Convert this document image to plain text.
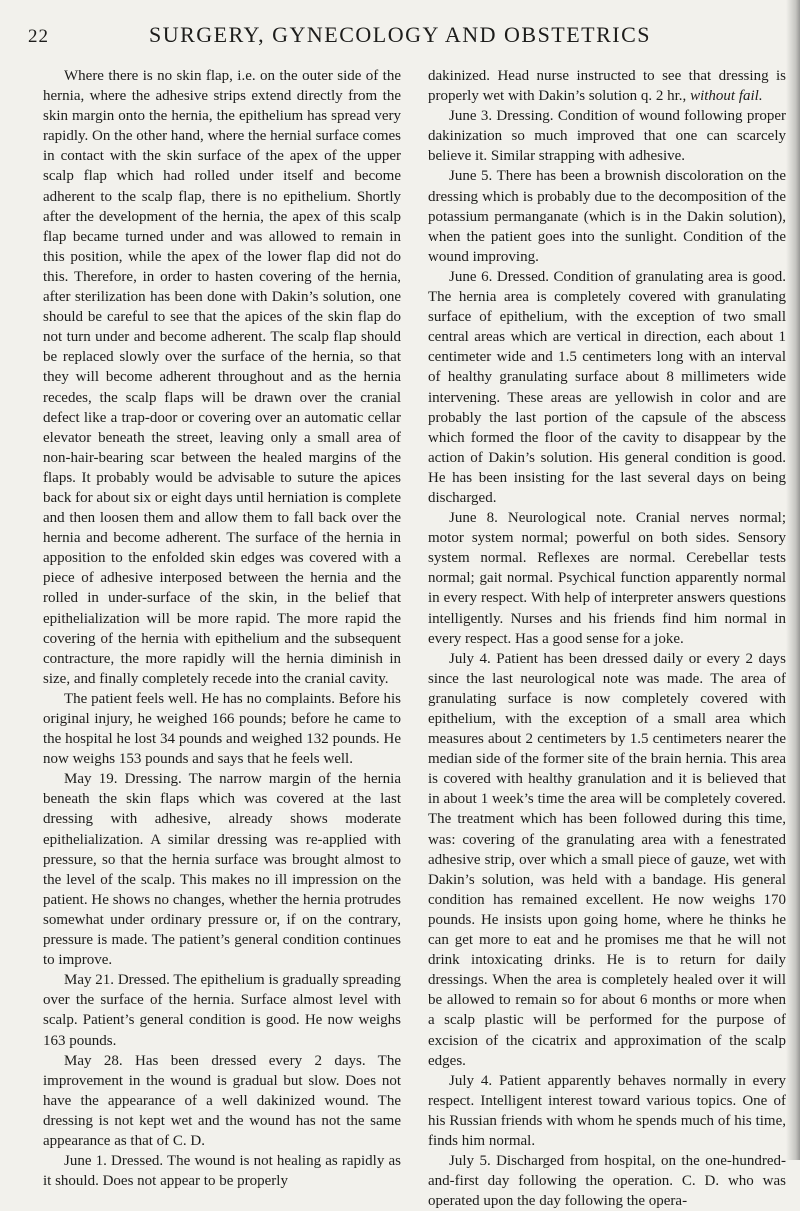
22	SURGERY, GYNECOLOGY AND OBSTETRICS

Where there is no skin flap, i.e. on the outer side of the hernia, where the adhesive strips extend directly from the skin margin onto the hernia, the epithelium has spread very rapidly. On the other hand, where the hernial surface comes in contact with the skin surface of the apex of the upper scalp flap which had rolled under itself and become adherent to the scalp flap, there is no epithelium. Shortly after the development of the hernia, the apex of this scalp flap became turned under and was allowed to remain in this position, while the apex of the lower flap did not do this. Therefore, in order to hasten covering of the hernia, after sterilization has been done with Dakin’s solution, one should be careful to see that the apices of the skin flap do not turn under and become adherent. The scalp flap should be replaced slowly over the surface of the hernia, so that they will become adherent throughout and as the hernia recedes, the scalp flaps will be drawn over the cranial defect like a trap-door or covering over an automatic cellar elevator beneath the street, leaving only a small area of non-hair-bearing scar between the healed margins of the flaps. It probably would be advisable to suture the apices back for about six or eight days until herniation is complete and then loosen them and allow them to fall back over the hernia and become adherent. The surface of the hernia in apposition to the enfolded skin edges was covered with a piece of adhesive interposed between the hernia and the rolled in under-surface of the skin, in the belief that epithelialization will be more rapid. The more rapid the covering of the hernia with epithelium and the subsequent contracture, the more rapidly will the hernia diminish in size, and finally completely recede into the cranial cavity.

The patient feels well. He has no complaints. Before his original injury, he weighed 166 pounds; before he came to the hospital he lost 34 pounds and weighed 132 pounds. He now weighs 153 pounds and says that he feels well.

May 19. Dressing. The narrow margin of the hernia beneath the skin flaps which was covered at the last dressing with adhesive, already shows moderate epithelialization. A similar dressing was re-applied with pressure, so that the hernia surface was brought almost to the level of the scalp. This makes no ill impression on the patient. He shows no changes, whether the hernia protrudes somewhat under ordinary pressure or, if on the contrary, pressure is made. The patient’s general condition continues to improve.

May 21. Dressed. The epithelium is gradually spreading over the surface of the hernia. Surface almost level with scalp. Patient’s general condition is good. He now weighs 163 pounds.

May 28. Has been dressed every 2 days. The improvement in the wound is gradual but slow. Does not have the appearance of a well dakinized wound. The dressing is not kept wet and the wound has not the same appearance as that of C. D.

June 1. Dressed. The wound is not healing as rapidly as it should. Does not appear to be properly

dakinized. Head nurse instructed to see that dressing is properly wet with Dakin’s solution q. 2 hr., without fail.

June 3. Dressing. Condition of wound following proper dakinization so much improved that one can scarcely believe it. Similar strapping with adhesive.

June 5. There has been a brownish discoloration on the dressing which is probably due to the decomposition of the potassium permanganate (which is in the Dakin solution), when the patient goes into the sunlight. Condition of the wound improving.

June 6. Dressed. Condition of granulating area is good. The hernia area is completely covered with granulating surface of epithelium, with the exception of two small central areas which are vertical in direction, each about 1 centimeter wide and 1.5 centimeters long with an interval of healthy granulating surface about 8 millimeters wide intervening. These areas are yellowish in color and are probably the last portion of the capsule of the abscess which formed the floor of the cavity to disappear by the action of Dakin’s solution. His general condition is good. He has been insisting for the last several days on being discharged.

June 8. Neurological note. Cranial nerves normal; motor system normal; powerful on both sides. Sensory system normal. Reflexes are normal. Cerebellar tests normal; gait normal. Psychical function apparently normal in every respect. With help of interpreter answers questions intelligently. Nurses and his friends find him normal in every respect. Has a good sense for a joke.

July 4. Patient has been dressed daily or every 2 days since the last neurological note was made. The area of granulating surface is now completely covered with epithelium, with the exception of a small area which measures about 2 centimeters by 1.5 centimeters nearer the median side of the former site of the brain hernia. This area is covered with healthy granulation and it is believed that in about 1 week’s time the area will be completely covered. The treatment which has been followed during this time, was: covering of the granulating area with a fenestrated adhesive strip, over which a small piece of gauze, wet with Dakin’s solution, was held with a bandage. His general condition has remained excellent. He now weighs 170 pounds. He insists upon going home, where he thinks he can get more to eat and he promises me that he will not drink intoxicating drinks. He is to return for daily dressings. When the area is completely healed over it will be allowed to remain so for about 6 months or more when a scalp plastic will be performed for the purpose of excision of the cicatrix and approximation of the scalp edges.

July 4. Patient apparently behaves normally in every respect. Intelligent interest toward various topics. One of his Russian friends with whom he spends much of his time, finds him normal.

July 5. Discharged from hospital, on the one-hundred-and-first day following the operation. C. D. who was operated upon the day following the opera-
